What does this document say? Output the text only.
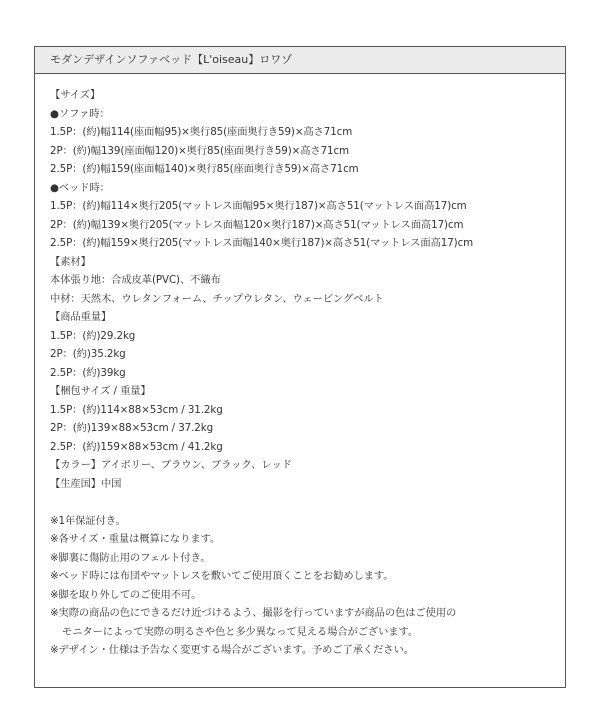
モダンデザインソファベッド【L'oiseau】ロワゾ
【サイズ】
●ソファ時：
1.5P：(約)幅114(座面幅95)×奥行85(座面奥行き59)×高さ71cm
2P：(約)幅139(座面幅120)×奥行85(座面奥行き59)×高さ71cm
2.5P：(約)幅159(座面幅140)×奥行85(座面奥行き59)×高さ71cm
●ベッド時：
1.5P：(約)幅114×奥行205(マットレス面幅95×奥行187)×高さ51(マットレス面高17)cm
2P：(約)幅139×奥行205(マットレス面幅120×奥行187)×高さ51(マットレス面高17)cm
2.5P：(約)幅159×奥行205(マットレス面幅140×奥行187)×高さ51(マットレス面高17)cm
【素材】
本体張り地：合成皮革(PVC)、不織布
中材：天然木、ウレタンフォーム、チップウレタン、ウェービングベルト
【商品重量】
1.5P：(約)29.2kg
2P：(約)35.2kg
2.5P：(約)39kg
【梱包サイズ / 重量】
1.5P：(約)114×88×53cm / 31.2kg
2P：(約)139×88×53cm / 37.2kg
2.5P：(約)159×88×53cm / 41.2kg
【カラー】アイボリー、ブラウン、ブラック、レッド
【生産国】中国
※1年保証付き。
※各サイズ・重量は概算になります。
※脚裏に傷防止用のフェルト付き。
※ベッド時には布団やマットレスを敷いてご使用頂くことをお勧めします。
※脚を取り外してのご使用不可。
※実際の商品の色にできるだけ近づけるよう、撮影を行っていますが商品の色はご使用の
モニターによって実際の明るさや色と多少異なって見える場合がございます。
※デザイン・仕様は予告なく変更する場合がございます。予めご了承ください。
